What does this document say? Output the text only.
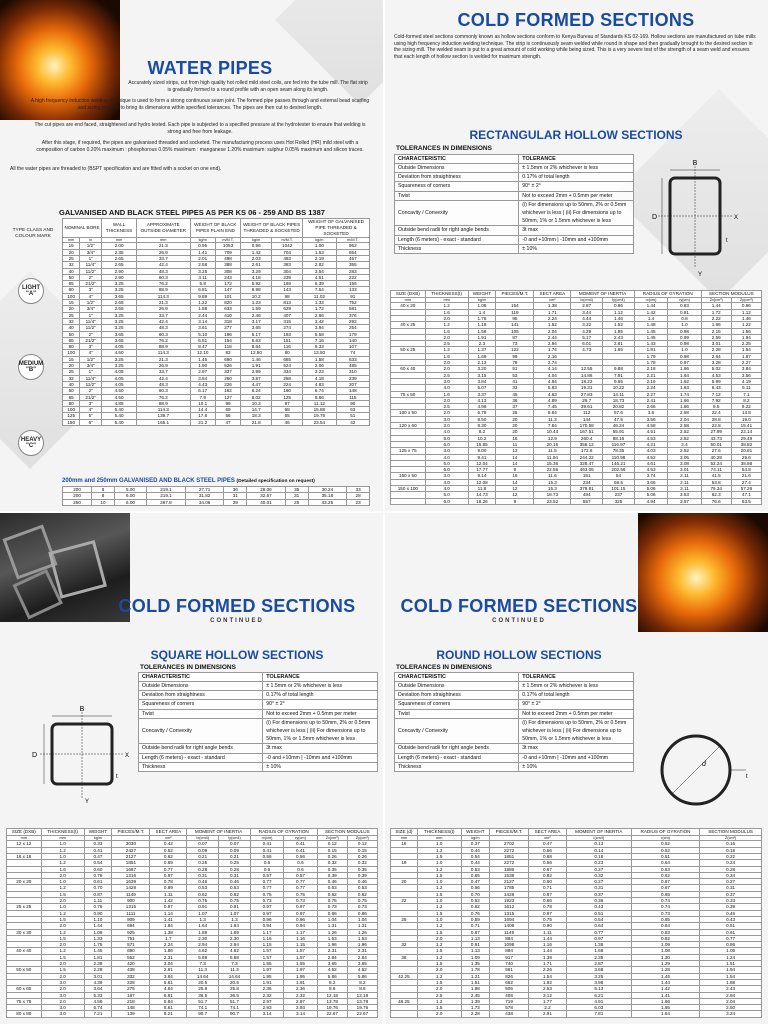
WATER PIPES
Accurately sized strips, cut from high quality hot rolled mild steel coils, are fed into the tube mill. The flat strip is gradually formed to a round profile with an open seam along its length.
A high frequency induction welding technique is used to form a strong continuous seam joint. The formed pipe passes through and external bead scarfing and sizing process to bring its dimensions within specified tolerances. The pipes are then cut to desired length.
The cut pipes are end faced, straightened and hydro tested. Each pipe is subjected to a specified pressure at the hydrotester to ensure that welding is strong and free from leakage.
After this stage, if required, the pipes are galvanised threaded and socketed. The manufacturing process uses Hot Rolled (HR) mild steel with a composition of carbon 0.20% maximum : phosphorous 0.05% maximum : manganese 1.20% maximum: sulphur 0.05% maximum and silicon traces.
All the water pipes are threaded to (BSPT specification and are fitted with a socket on one end).
GALVANISED AND BLACK STEEL PIPES AS PER KS 06 - 259 AND BS 1387
NOMINAL BORE		WALL THICKNESS	APPROXIMATE OUTSIDE DIAMETER	WEIGHT OF BLACK PIPES PLAIN END		WEIGHT OF BLACK PIPES THREADED & SOCKETED		WEIGHT OF GALVANISED PIPE THREADED & SOCKETED	
mm	in	mm	mm	kg/m	m/M.T.	kg/m	m/M.T.	kg/m	m/M.T.
15	1/2"	2.00	21.3	0.95	1053	0.96	1042	1.00	962
20	3/4"	2.35	26.9	1.41	709	1.42	704	1.53	654
25	1"	2.65	33.7	2.01	498	2.03	493	2.19	457
32	11/4"	2.65	42.4	2.58	388	2.61	383	2.82	355
40	11/2"	2.90	48.3	3.25	308	3.29	304	3.54	283
50	2"	2.90	60.3	4.11	243	4.18	239	4.51	222
65	21/2"	3.25	76.2	5.8	172	5.92	169	6.39	156
80	3"	3.25	88.9	6.81	147	6.98	143	7.54	133
100	4"	3.65	114.3	9.89	101	10.2	98	11.02	91
15	1/2"	2.65	21.3	1.22	820	1.23	813	1.33	752
20	3/4"	2.65	26.9	1.58	633	1.59	629	1.72	581
25	1"	3.25	33.7	2.44	410	2.46	407	2.66	376
32	11/4"	3.25	42.4	3.14	318	3.17	315	3.42	292
40	11/2"	3.25	48.3	3.61	277	3.65	274	3.94	254
50	2"	3.65	60.3	5.10	196	5.17	193	5.58	179
65	21/2"	3.65	76.2	6.51	154	6.63	151	7.16	140
80	3"	4.05	88.9	8.47	118	8.64	116	9.33	107
100	4"	4.50	114.3	12.10	83	12.50	80	13.50	74
15	1/2"	3.25	21.3	1.45	690	1.46	685	1.58	633
20	3/4"	3.25	26.9	1.90	526	1.91	524	2.06	485
25	1"	4.05	33.7	2.97	337	2.99	334	3.23	310
32	11/4"	4.05	42.4	3.84	260	3.87	258	4.18	239
40	11/2"	4.05	48.3	4.43	226	4.47	224	4.83	207
50	2"	4.50	60.3	6.17	162	6.24	160	6.74	148
65	21/2"	4.50	76.2	7.9	127	8.02	125	8.66	115
80	3"	4.85	88.9	10.1	99	10.3	97	11.12	90
100	4"	5.40	114.3	14.4	69	14.7	68	15.88	63
125	5"	5.40	139.7	17.8	56	18.3	55	19.76	51
150	6"	5.40	165.1	21.2	47	21.8	46	23.54	42
TYPE CLASS AND COLOUR MARK
LIGHT "A"
MEDIUM "B"
HEAVY "C"
200mm and 250mm GALVANISED AND BLACK STEEL PIPES (Detailed specification on request)
200	8	5.00	219.1	27.71	36	28.06	35	30.24	33
200	8	6.00	219.1	31.82	31	32.57	31	35.18	28
250	10	6.00	267.8	34.06	29	40.01	25	43.25	23
COLD FORMED SECTIONS
Cold-formed steel sections commonly known as hollow sections conform to Kenya Bureau of Standards KS 02-169. Hollow sections are manufactured on tube mills using high frequency induction welding technique. The strip is continuously seam welded while round in shape and then gradually brought to the desired section in the sizing mill. The welded seam is put to a great amount of cold working while being sized. This is a very severe test of the strength of a seam weld and ensures that each length of hollow section is welded for maximum strength.
RECTANGULAR HOLLOW SECTIONS
TOLERANCES IN DIMENSIONS
CHARACTERISTIC	TOLERANCE
Outside Dimensions	± 1.5mm or 2% whichever is less
Deviation from straightness	0.17% of total length
Squareness of corners	90° ± 2°
Twist	Not to exceed 2mm + 0.5mm per meter
Concavity / Convexity	(i) For dimensions up to 50mm, 2% or 0.5mm whichever is less | (ii) For dimensions up to 50mm, 1% or 1.5mm whichever is less
Outside bend radii for right angle bends	3t max
Length (6 meters) - exact - standard	-0 and +10mm | -10mm and +100mm
Thickness	± 10%
B
D	X
Y
t
SIZE (DXB)	THICKNESS(t)	WEIGHT	PIECES/M.T.	SECT AREA	MOMENT OF INERTIA		RADIUS OF GYRATION		SECTION MODULUS	
mm	mm	kg/m		cm²	Ix(cm4)	Iy(cm4)	rx(cm)	ry(cm)	Zx(cm³)	Zy(cm³)
40 x 20	1.2	1.08	154	1.38	2.87	0.96	1.44	0.83	1.44	0.96
	1.6	1.4	119	1.71	3.44	1.12	1.42	0.81	1.72	1.12
	2.0	1.76	95	2.24	4.44	1.46	1.4	0.8	2.22	1.46
40 x 25	1.2	1.18	141	1.52	3.32	1.52	1.48	1.0	1.66	1.22
	1.6	1.58	105	2.04	4.29	1.95	1.45	0.98	2.15	1.56
	2.0	1.91	87	2.44	5.17	2.43	1.45	0.99	2.59	1.94
	2.5	2.3	73	2.94	6.01	2.81	1.43	0.98	3.01	2.25
50 x 25	1.2	1.37	122	1.74	4.73	1.65	1.81	1.0	2.28	1.54
	1.6	1.69	99	2.16			1.79	0.98	2.64	1.87
	2.0	2.13	78	2.74			1.78	0.97	3.28	2.27
60 x 40	2.0	3.20	51	4.14	12.55	9.88	2.18	1.66	5.02	3.84
	2.5	3.15	53	4.04	14.86	7.91	2.21	1.64	4.53	3.56
	3.0	3.84	41	4.94	18.22	9.65	2.16	1.62	5.99	4.19
	4.0	5.07	33	5.83	19.31	10.22	2.24	1.63	6.43	5.11
75 x 50	1.6	3.37	45	4.63	27.83	14.11	2.27	1.74	7.12	7.1
	2.0	4.13	36	4.89	29.7	18.73	2.41	1.66	7.92	8.2
	2.5	4.96	37	7.45	39.61	20.82	2.66	1.86	9.5	9.22
100 x 50	2.0	6.78	25	8.64	112	57.6	3.6	2.58	22.4	14.8
	3.0	8.50	20	11.3	144	47.5	3.56	2.04	28.8	19.0
120 x 60	3.0	8.30	20	7.84	170.58	46.24	4.58	2.58	22.8	15.41
	4.0	8.2	20	10.44	167.51	55.91	4.51	2.52	27.99	22.14
	5.0	10.2	16	12.9	260.4	88.16	4.53	2.52	43.73	29.49
	6.0	15.85	11	20.16	356.12	116.97	4.21	2.4	50.01	38.82
125 x 75	3.0	9.00	13	11.5	172.6	78.35	4.03	2.52	27.6	20.81
	4.0	9.41	14	11.94	244.22	110.98	4.52	3.05	40.28	29.6
	5.0	12.04	14	15.36	328.47	146.21	4.61	3.08	52.24	38.88
	6.0	17.77	9	22.56	463.05	202.59	4.53	3.01	74.11	54.8
150 x 50	3.0	9.14	16	11.6	151	54	3.74	2.11	41.5	21.6
	4.0	12.08	14	15.3	234	68.5	3.66	2.11	53.8	27.4
150 x 100	4.0	11.8	12	15.3	379.81	101.15	5.06	3.11	76.34	57.26
	5.0	14.73	12	18.73	494	237	5.06	3.53	62.3	47.1
	6.0	18.26	9	23.52	557	325	4.94	3.57	76.6	63.5
COLD FORMED SECTIONS
CONTINUED
SQUARE HOLLOW SECTIONS
TOLERANCES IN DIMENSIONS
CHARACTERISTIC	TOLERANCE
Outside Dimensions	± 1.5mm or 2% whichever is less
Deviation from straightness	0.17% of total length
Squareness of corners	90° ± 2°
Twist	Not to exceed 2mm + 0.5mm per meter
Concavity / Convexity	(i) For dimensions up to 50mm, 2% or 0.5mm whichever is less | (ii) For dimensions up to 50mm, 1% or 1.5mm whichever is less
Outside bend radii for right angle bends	3t max
Length (6 meters) - exact - standard	-0 and +10mm | -10mm and +100mm
Thickness	± 10%
B
D	X
Y
t
SIZE (DXB)	THICKNESS(t)	WEIGHT	PIECES/M.T.	SECT AREA	MOMENT OF INERTIA		RADIUS OF GYRATION		SECTION MODULUS	
mm	mm	kg/m		cm²	Ix(cm4)	Iy(cm4)	rx(cm)	ry(cm)	Zx(cm³)	Zy(cm³)
12 x 12	1.0	0.33	3030	0.42	0.07	0.07	0.41	0.41	0.12	0.12
	1.2	0.41	2427	0.52	0.09	0.09	0.41	0.41	0.15	0.15
16 x 16	1.0	0.47	2127	0.62	0.21	0.21	0.56	0.56	0.26	0.26
	1.2	0.54	1851	0.69	0.25	0.25	0.6	0.6	0.32	0.32
	1.6	0.60	1667	0.77	0.28	0.28	0.6	0.6	0.35	0.35
	2.0	0.76	1316	0.97	0.31	0.31	0.57	0.57	0.39	0.39
20 x 20	1.0	0.61	1639	0.78	0.46	0.46	0.77	0.77	0.46	0.46
	1.2	0.70	1428	0.89	0.53	0.53	0.77	0.77	0.53	0.53
	1.5	0.87	1149	1.11	0.62	0.62	0.75	0.75	0.62	0.62
	2.0	1.11	900	1.42	0.75	0.75	0.73	0.73	0.75	0.75
25 x 25	1.0	0.76	1315	0.97	0.91	0.91	0.97	0.97	0.73	0.73
	1.2	0.90	1111	1.14	1.07	1.07	0.97	0.97	0.86	0.86
	1.5	1.10	909	1.41	1.3	1.3	0.96	0.96	1.04	1.04
	2.0	1.44	694	1.84	1.64	1.64	0.94	0.94	1.31	1.31
30 x 30	1.2	1.08	925	1.38	1.89	1.89	1.17	1.17	1.26	1.26
	1.5	1.33	751	1.7	2.30	2.30	1.16	1.16	1.53	1.53
	2.0	1.75	571	2.24	2.94	2.94	1.15	1.15	1.96	1.96
40 x 40	1.2	1.45	690	1.86	4.62	4.62	1.57	1.57	2.31	2.31
	1.5	1.81	552	2.31	5.68	5.68	1.57	1.57	2.84	2.84
	2.0	2.38	420	3.04	7.3	7.3	1.55	1.55	3.65	3.65
50 x 50	1.5	2.28	438	2.91	11.3	11.3	1.97	1.97	4.52	4.52
	2.0	3.01	332	3.84	14.64	14.64	1.95	1.95	5.86	5.86
	3.0	4.39	228	5.61	20.5	20.5	1.91	1.91	8.2	8.2
60 x 60	2.0	3.64	275	4.64	25.8	25.8	2.36	2.36	8.6	8.6
	3.0	5.33	187	6.81	36.5	36.5	2.32	2.32	12.18	12.18
75 x 75	2.0	4.58	218	5.84	51.7	51.7	2.97	2.97	13.78	13.78
	3.0	6.74	148	8.61	74.1	74.1	2.93	2.93	19.76	19.76
80 x 80	3.0	7.21	139	9.21	90.7	90.7	3.14	3.14	22.67	22.67
COLD FORMED SECTIONS
CONTINUED
ROUND HOLLOW SECTIONS
TOLERANCES IN DIMENSIONS
CHARACTERISTIC	TOLERANCE
Outside Dimensions	± 1.5mm or 2% whichever is less
Deviation from straightness	0.17% of total length
Squareness of corners	90° ± 2°
Twist	Not to exceed 2mm + 0.5mm per meter
Concavity / Convexity	(i) For dimensions up to 50mm, 2% or 0.5mm whichever is less | (ii) For dimensions up to 50mm, 1% or 1.5mm whichever is less
Outside bend radii for right angle bends	3t max
Length (6 meters) - exact - standard	-0 and +10mm | -10mm and +100mm
Thickness	± 10%	d
t
SIZE (d)	THICKNESS(t)	WEIGHT	PIECES/M.T.	SECT AREA	MOMENT OF INERTIA	RADIUS OF GYRATION	SECTION MODULUS
mm	mm	kg/m		cm²	I(cm4)	r(cm)	Z(cm³)
16	1.0	0.37	2702	0.47	0.13	0.52	0.16
	1.2	0.44	2272	0.56	0.14	0.52	0.18
	1.5	0.54	1851	0.68	0.18	0.51	0.22
19	1.0	0.44	2272	0.56	0.23	0.64	0.24
	1.2	0.53	1886	0.67	0.27	0.63	0.28
	1.5	0.65	1538	0.82	0.32	0.62	0.34
20	1.0	0.47	2127	0.60	0.27	0.67	0.27
	1.2	0.56	1785	0.71	0.31	0.67	0.31
	1.5	0.70	1428	0.87	0.37	0.65	0.37
22	1.0	0.52	1923	0.66	0.36	0.74	0.33
	1.2	0.62	1612	0.78	0.43	0.74	0.39
	1.5	0.76	1315	0.97	0.51	0.73	0.46
25	1.0	0.59	1694	0.75	0.54	0.85	0.43
	1.2	0.71	1408	0.90	0.64	0.84	0.51
	1.5	0.87	1149	1.11	0.77	0.83	0.61
	2.0	1.13	884	1.44	0.97	0.82	0.77
32	1.2	0.91	1098	1.16	1.38	1.09	0.86
	1.5	1.13	884	1.44	1.68	1.08	1.05
38	1.2	1.09	917	1.38	2.35	1.30	1.24
	1.5	1.35	740	1.71	2.87	1.29	1.51
	2.0	1.78	561	2.26	3.68	1.28	1.94
42.25	1.2	1.21	826	1.54	3.25	1.45	1.54
	1.5	1.51	662	1.92	3.98	1.44	1.88
	2.0	1.98	505	2.53	5.13	1.42	2.43
	2.5	2.45	408	3.12	6.21	1.41	2.94
48.25	1.2	1.39	719	1.77	4.91	1.66	2.04
	1.5	1.73	578	2.2	6.03	1.65	2.50
	2.0	2.28	438	2.91	7.81	1.64	3.24
